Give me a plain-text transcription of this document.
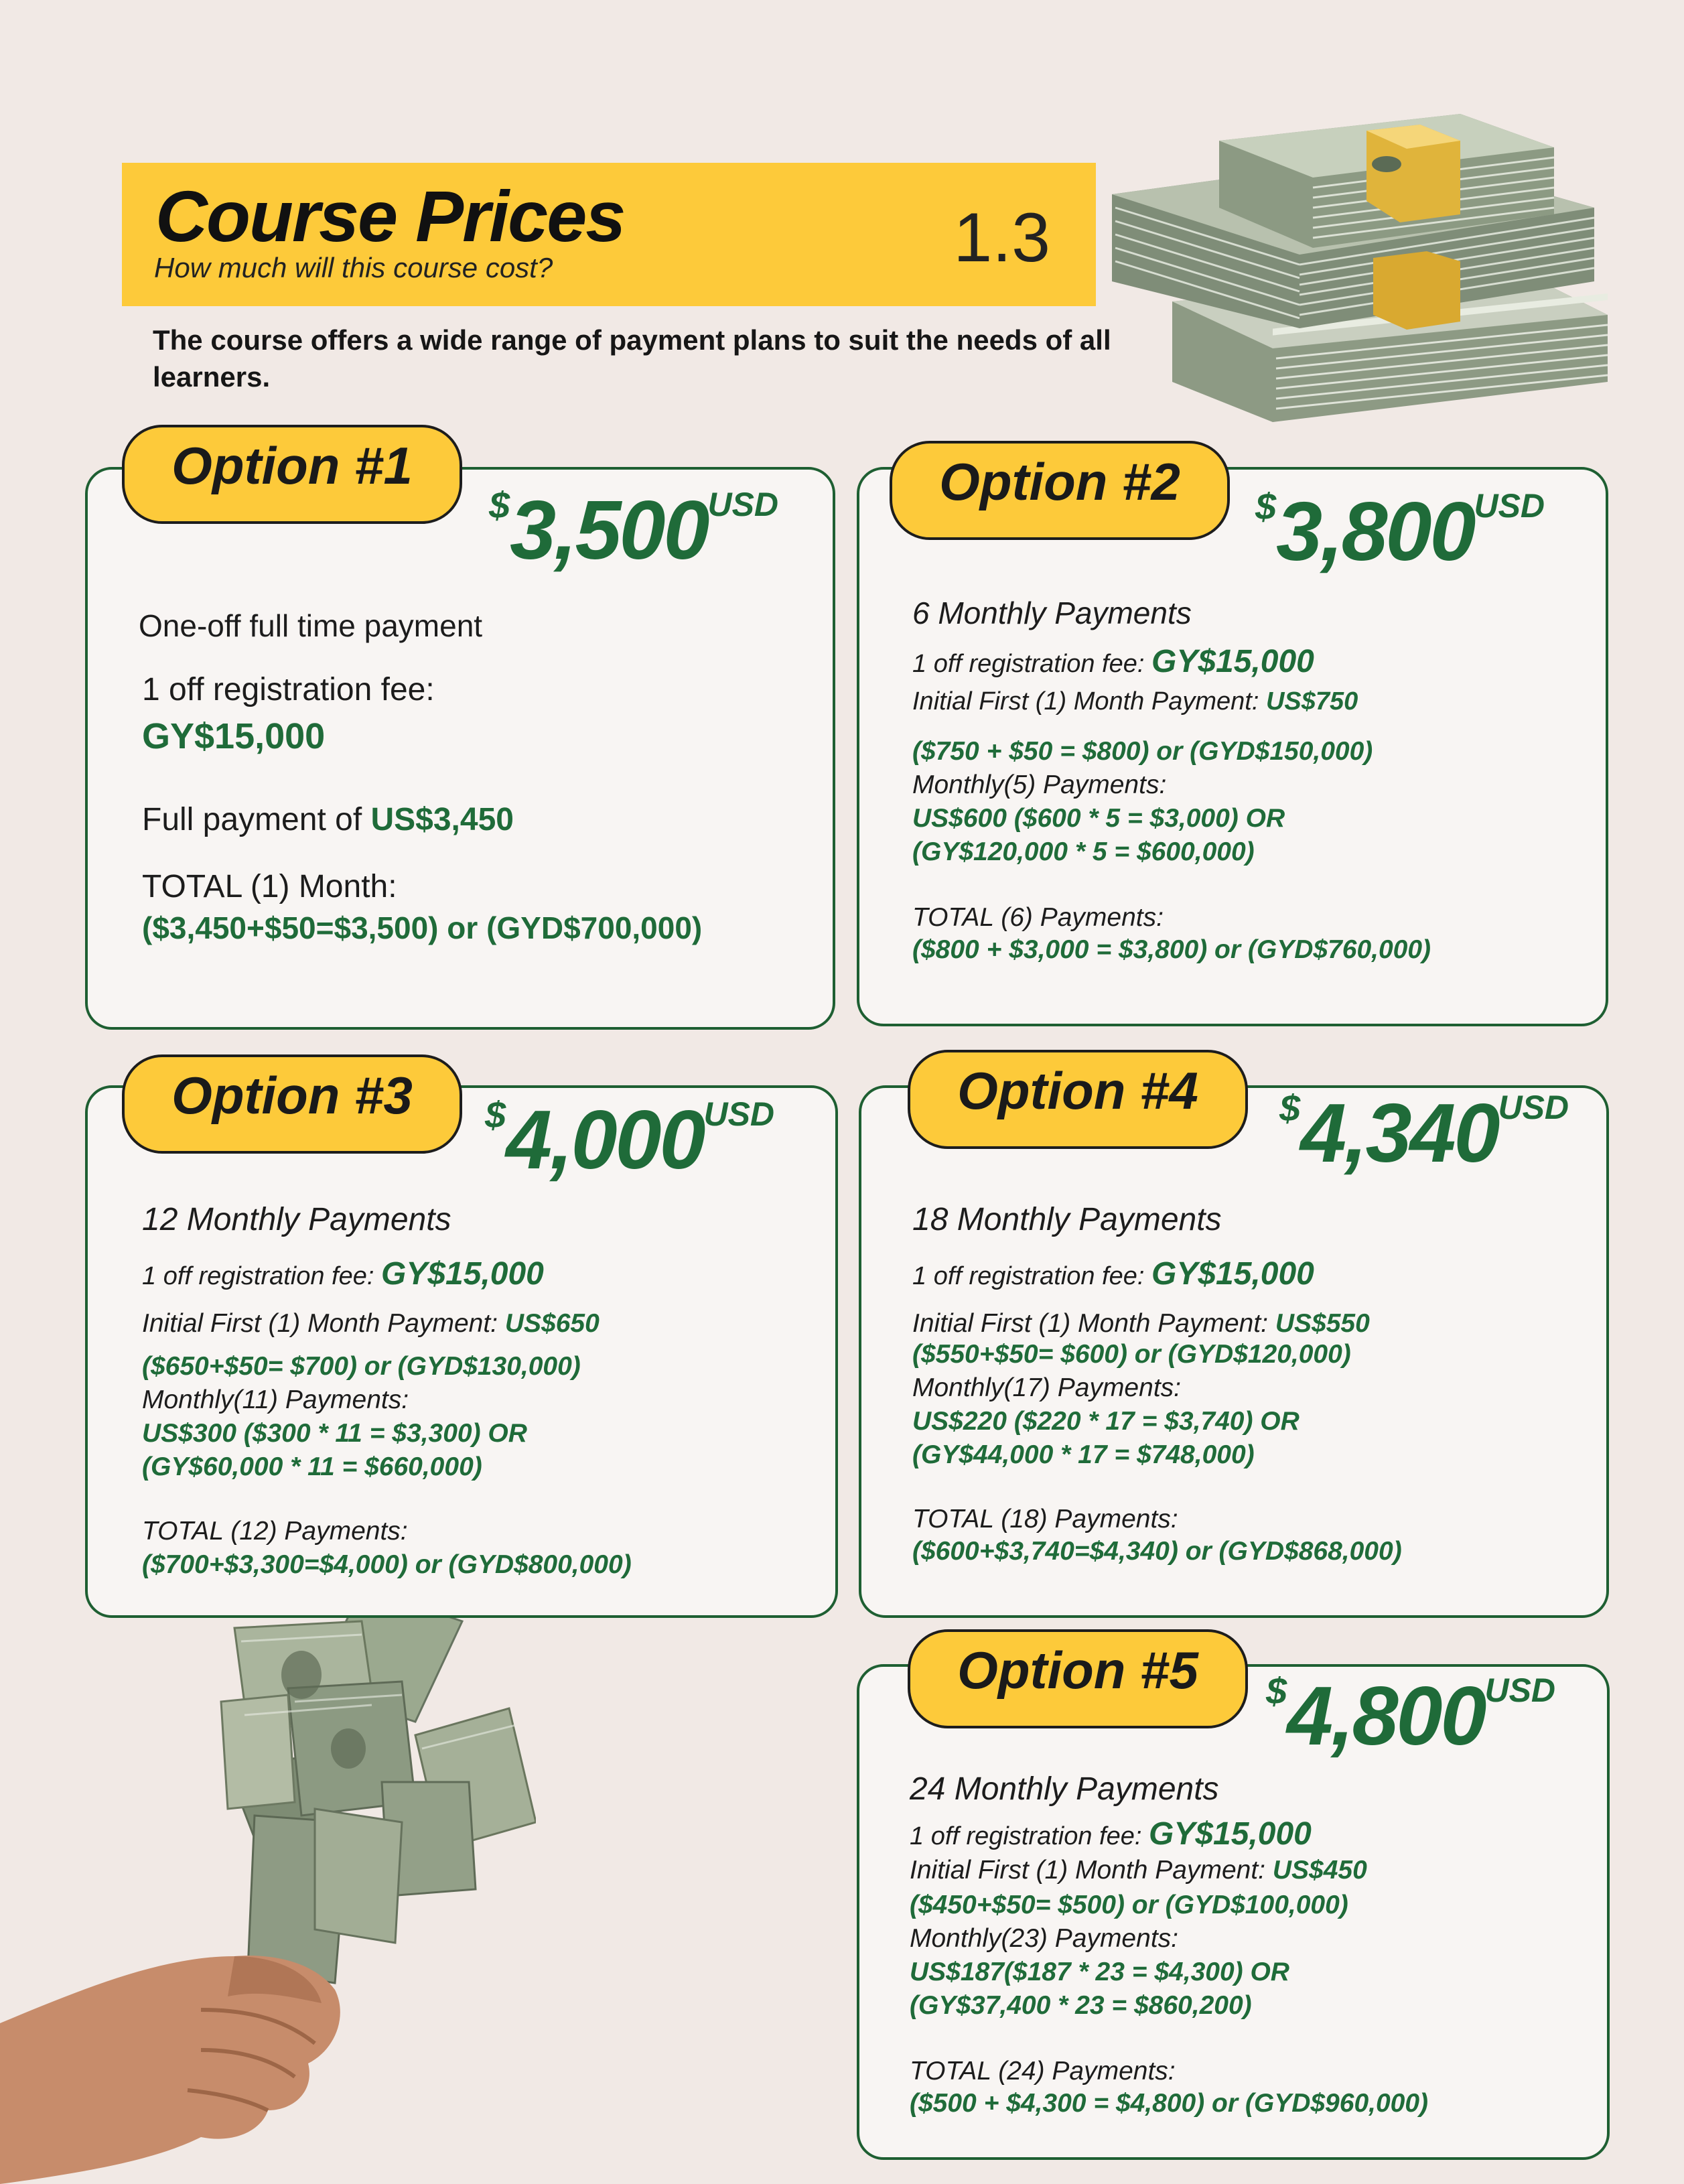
Course Prices
How much will this course cost?	1.3
The course offers a wide range of payment plans to suit the needs of all learners.
Option #1
$3,500USD
One-off full time payment
1 off registration fee:
GY$15,000
Full payment of US$3,450
TOTAL (1) Month:
($3,450+$50=$3,500) or (GYD$700,000)
Option #2	$3,800USD
6 Monthly Payments
1 off registration fee: GY$15,000
Initial First (1) Month Payment: US$750
($750 + $50 = $800) or (GYD$150,000)
Monthly(5) Payments:
US$600 ($600 * 5 = $3,000) OR
(GY$120,000 * 5 = $600,000)
TOTAL (6) Payments:
($800 + $3,000 = $3,800) or (GYD$760,000)
Option #3	$4,000USD
12 Monthly Payments
1 off registration fee: GY$15,000
Initial First (1) Month Payment: US$650
($650+$50= $700) or (GYD$130,000)
Monthly(11) Payments:
US$300 ($300 * 11 = $3,300) OR
(GY$60,000 * 11 = $660,000)
TOTAL (12) Payments:
($700+$3,300=$4,000) or (GYD$800,000)
Option #4	$4,340USD
18 Monthly Payments
1 off registration fee: GY$15,000
Initial First (1) Month Payment: US$550
($550+$50= $600) or (GYD$120,000)
Monthly(17) Payments:
US$220 ($220 * 17 = $3,740) OR
(GY$44,000 * 17 = $748,000)
TOTAL (18) Payments:
($600+$3,740=$4,340) or (GYD$868,000)
Option #5	$4,800USD
24 Monthly Payments
1 off registration fee: GY$15,000
Initial First (1) Month Payment: US$450
($450+$50= $500) or (GYD$100,000)
Monthly(23) Payments:
US$187($187 * 23 = $4,300) OR
(GY$37,400 * 23 = $860,200)
TOTAL (24) Payments:
($500 + $4,300 = $4,800) or (GYD$960,000)
